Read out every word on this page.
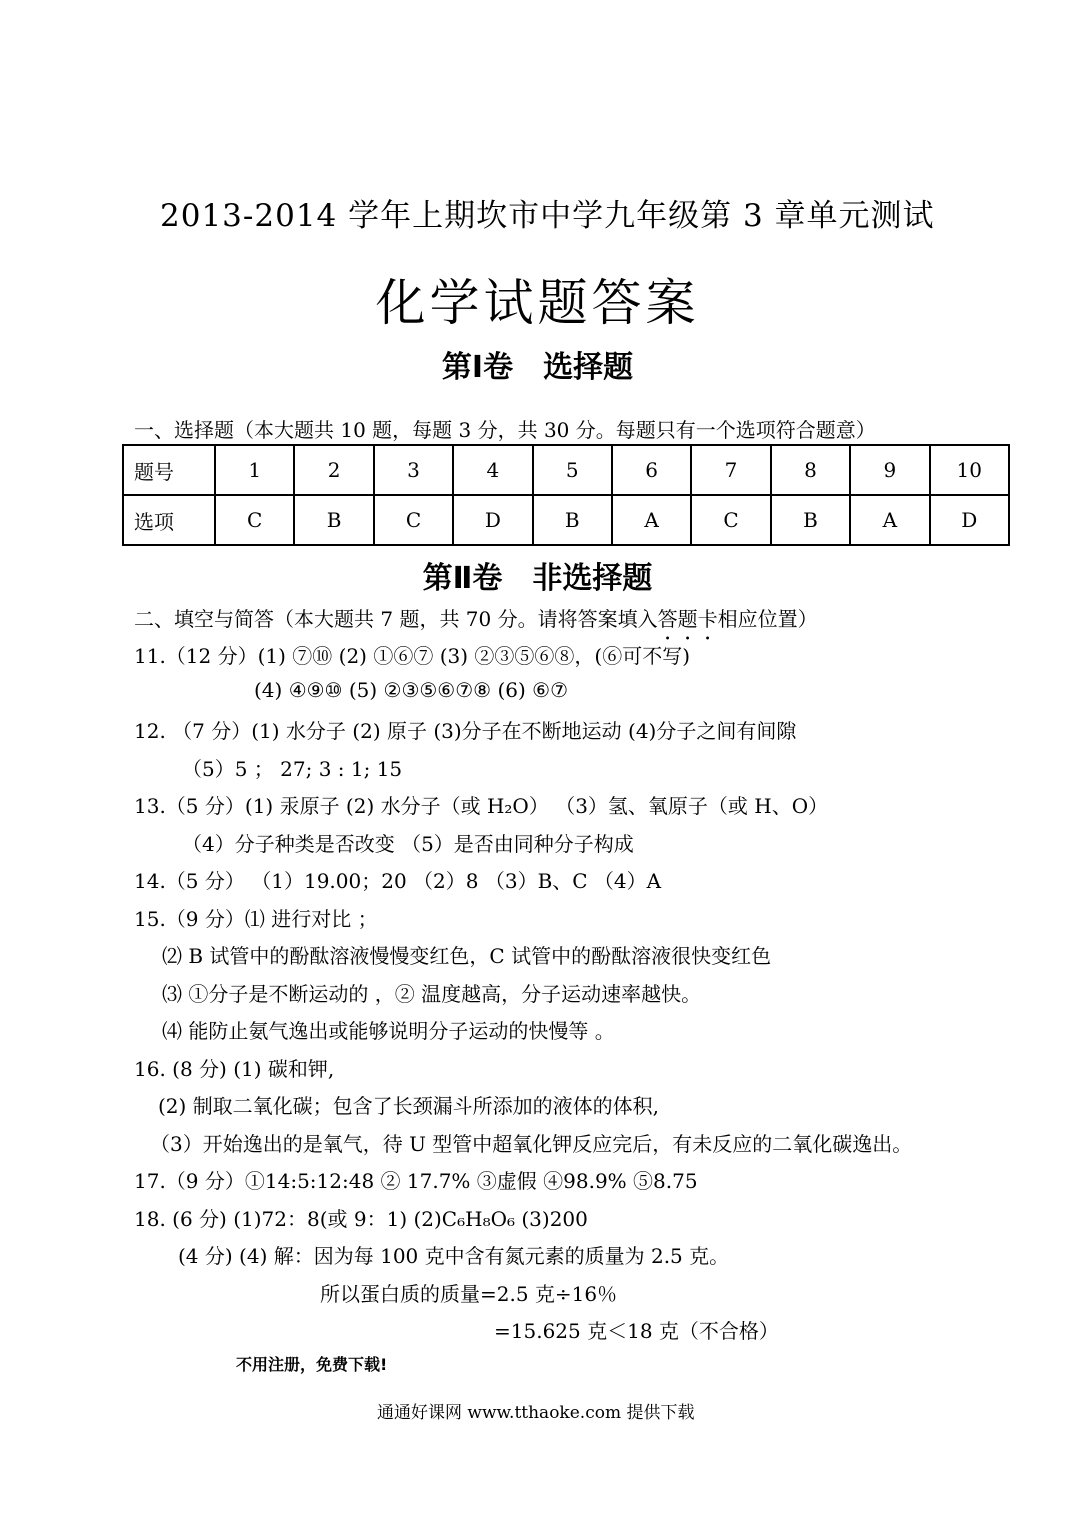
2013-2014 学年上期坎市中学九年级第 3 章单元测试
化学试题答案
第Ⅰ卷　选择题
一、选择题（本大题共 10 题，每题 3 分，共 30 分。每题只有一个选项符合题意）
题号	1	2	3	4	5	6	7	8	9	10
选项	C	B	C	D	B	A	C	B	A	D
第Ⅱ卷　非选择题
二、填空与简答（本大题共 7 题，共 70 分。请将答案填入答题卡相应位置）
11.（12 分）(1) ⑦⑩ (2) ①⑥⑦ (3) ②③⑤⑥⑧，(⑥可不写)
(4) ④⑨⑩ (5) ②③⑤⑥⑦⑧ (6) ⑥⑦
12. （7 分）(1) 水分子 (2) 原子 (3)分子在不断地运动 (4)分子之间有间隙
（5）5 ； 27; 3 : 1; 15
13.（5 分）(1) 汞原子 (2) 水分子（或 H₂O） （3）氢、氧原子（或 H、O）
（4）分子种类是否改变 （5）是否由同种分子构成
14.（5 分） （1）19.00；20 （2）8 （3）B、C （4）A
15.（9 分）⑴ 进行对比 ；
⑵ B 试管中的酚酞溶液慢慢变红色，C 试管中的酚酞溶液很快变红色
⑶ ①分子是不断运动的 ，② 温度越高，分子运动速率越快。
⑷ 能防止氨气逸出或能够说明分子运动的快慢等 。
16. (8 分) (1) 碳和钾,
(2) 制取二氧化碳；包含了长颈漏斗所添加的液体的体积,
（3）开始逸出的是氧气，待 U 型管中超氧化钾反应完后，有未反应的二氧化碳逸出。
17.（9 分）①14:5:12:48 ② 17.7% ③虚假 ④98.9% ⑤8.75
18. (6 分) (1)72：8(或 9：1) (2)C₆H₈O₆ (3)200
(4 分) (4) 解：因为每 100 克中含有氮元素的质量为 2.5 克。
所以蛋白质的质量=2.5 克÷16％
=15.625 克＜18 克（不合格）
不用注册，免费下载!
通通好课网 www.tthaoke.com 提供下载
